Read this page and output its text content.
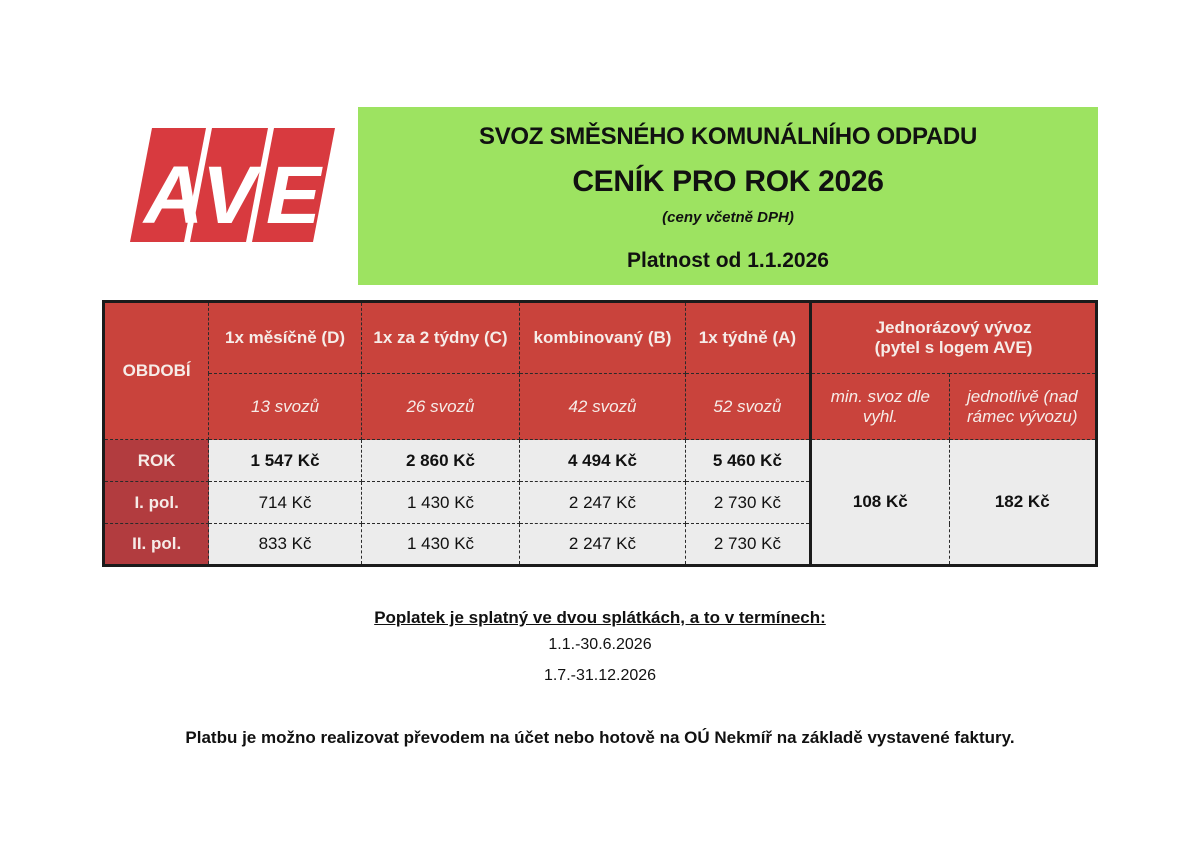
A
V E
SVOZ SMĚSNÉHO KOMUNÁLNÍHO ODPADU
CENÍK PRO ROK 2026
(ceny včetně DPH)
Platnost od 1.1.2026
OBDOBÍ	1x měsíčně (D)	1x za 2 týdny (C)	kombinovaný (B)	1x týdně (A)	Jednorázový vývoz
(pytel s logem AVE)	

	13 svozů	26 svozů	42 svozů	52 svozů	min. svoz dle vyhl.	jednotlivě (nad rámec vývozu)
ROK	1 547 Kč	2 860 Kč	4 494 Kč	5 460 Kč	108 Kč	182 Kč
I. pol.	714 Kč	1 430 Kč	2 247 Kč	2 730 Kč		
II. pol.	833 Kč	1 430 Kč	2 247 Kč	2 730 Kč		
Poplatek je splatný ve dvou splátkách, a to v termínech:
1.1.-30.6.2026
1.7.-31.12.2026
Platbu je možno realizovat převodem na účet nebo hotově na OÚ Nekmíř na základě vystavené faktury.
